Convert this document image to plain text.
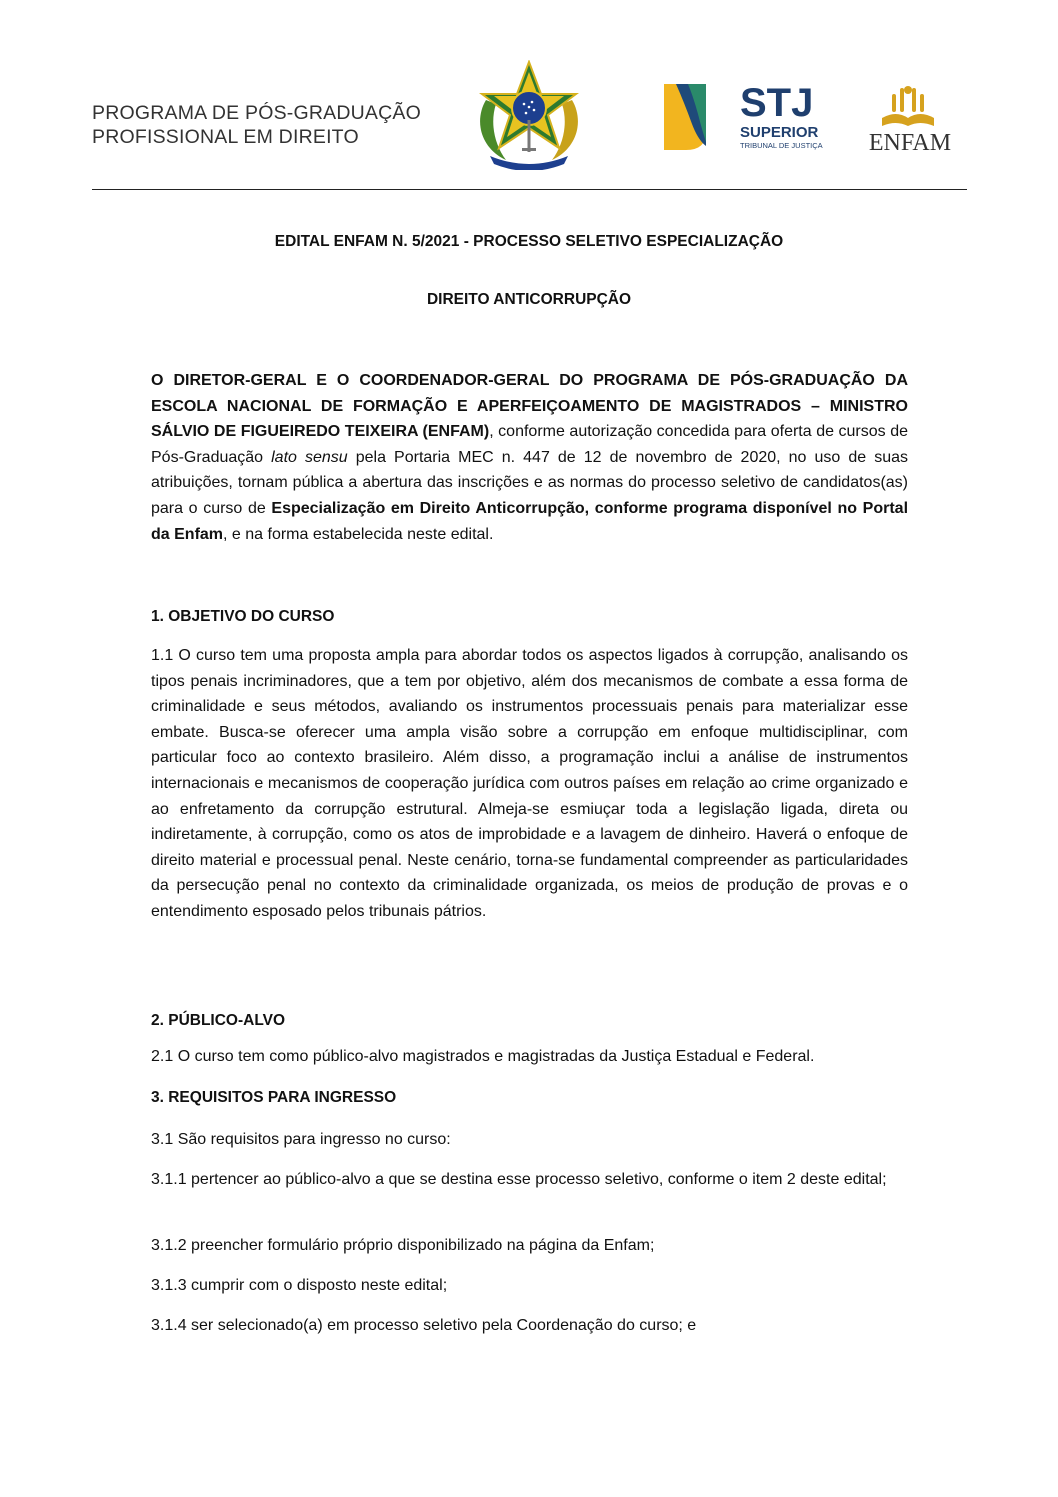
PROGRAMA DE PÓS-GRADUAÇÃO
PROFISSIONAL EM DIREITO
STJ
SUPERIOR
TRIBUNAL DE JUSTIÇA ENFAM
EDITAL ENFAM N. 5/2021 - PROCESSO SELETIVO ESPECIALIZAÇÃO
DIREITO ANTICORRUPÇÃO

O DIRETOR-GERAL E O COORDENADOR-GERAL DO PROGRAMA DE PÓS-GRADUAÇÃO DA ESCOLA NACIONAL DE FORMAÇÃO E APERFEIÇOAMENTO DE MAGISTRADOS – MINISTRO SÁLVIO DE FIGUEIREDO TEIXEIRA (ENFAM), conforme autorização concedida para oferta de cursos de Pós-Graduação lato sensu pela Portaria MEC n. 447 de 12 de novembro de 2020, no uso de suas atribuições, tornam pública a abertura das inscrições e as normas do processo seletivo de candidatos(as) para o curso de Especialização em Direito Anticorrupção, conforme programa disponível no Portal da Enfam, e na forma estabelecida neste edital.

1. OBJETIVO DO CURSO

1.1 O curso tem uma proposta ampla para abordar todos os aspectos ligados à corrupção, analisando os tipos penais incriminadores, que a tem por objetivo, além dos mecanismos de combate a essa forma de criminalidade e seus métodos, avaliando os instrumentos processuais penais para materializar esse embate. Busca-se oferecer uma ampla visão sobre a corrupção em enfoque multidisciplinar, com particular foco ao contexto brasileiro. Além disso, a programação inclui a análise de instrumentos internacionais e mecanismos de cooperação jurídica com outros países em relação ao crime organizado e ao enfretamento da corrupção estrutural. Almeja-se esmiuçar toda a legislação ligada, direta ou indiretamente, à corrupção, como os atos de improbidade e a lavagem de dinheiro. Haverá o enfoque de direito material e processual penal. Neste cenário, torna-se fundamental compreender as particularidades da persecução penal no contexto da criminalidade organizada, os meios de produção de provas e o entendimento esposado pelos tribunais pátrios.

2. PÚBLICO-ALVO
2.1 O curso tem como público-alvo magistrados e magistradas da Justiça Estadual e Federal.
3. REQUISITOS PARA INGRESSO
3.1 São requisitos para ingresso no curso:

3.1.1 pertencer ao público-alvo a que se destina esse processo seletivo, conforme o item 2 deste edital;

3.1.2 preencher formulário próprio disponibilizado na página da Enfam;
3.1.3 cumprir com o disposto neste edital;
3.1.4 ser selecionado(a) em processo seletivo pela Coordenação do curso; e
